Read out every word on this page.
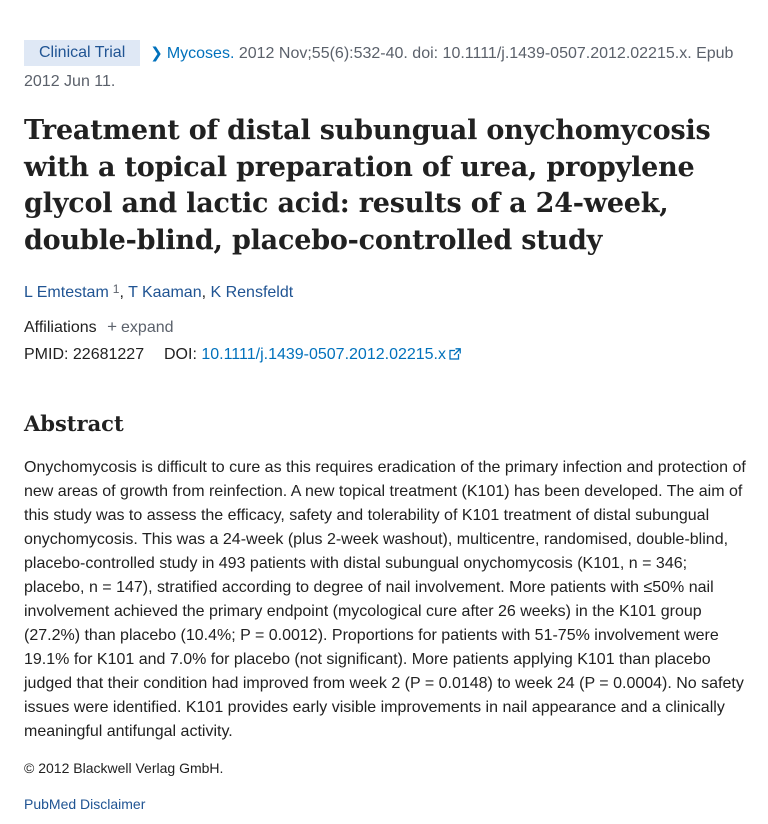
Clinical Trial ❯ Mycoses. 2012 Nov;55(6):532-40. doi: 10.1111/j.1439-0507.2012.02215.x. Epub 2012 Jun 11.
Treatment of distal subungual onychomycosis with a topical preparation of urea, propylene glycol and lactic acid: results of a 24-week, double-blind, placebo-controlled study
L Emtestam $^1$, T Kaaman, K Rensfeldt
Affiliations + expand
PMID: 22681227 DOI: 10.1111/j.1439-0507.2012.02215.x
Abstract
Onychomycosis is difficult to cure as this requires eradication of the primary infection and protection of new areas of growth from reinfection. A new topical treatment (K101) has been developed. The aim of this study was to assess the efficacy, safety and tolerability of K101 treatment of distal subungual onychomycosis. This was a 24-week (plus 2-week washout), multicentre, randomised, double-blind, placebo-controlled study in 493 patients with distal subungual onychomycosis (K101, n = 346; placebo, n = 147), stratified according to degree of nail involvement. More patients with ≤50% nail involvement achieved the primary endpoint (mycological cure after 26 weeks) in the K101 group (27.2%) than placebo (10.4%; P = 0.0012). Proportions for patients with 51-75% involvement were 19.1% for K101 and 7.0% for placebo (not significant). More patients applying K101 than placebo judged that their condition had improved from week 2 (P = 0.0148) to week 24 (P = 0.0004). No safety issues were identified. K101 provides early visible improvements in nail appearance and a clinically meaningful antifungal activity.
© 2012 Blackwell Verlag GmbH.
PubMed Disclaimer
